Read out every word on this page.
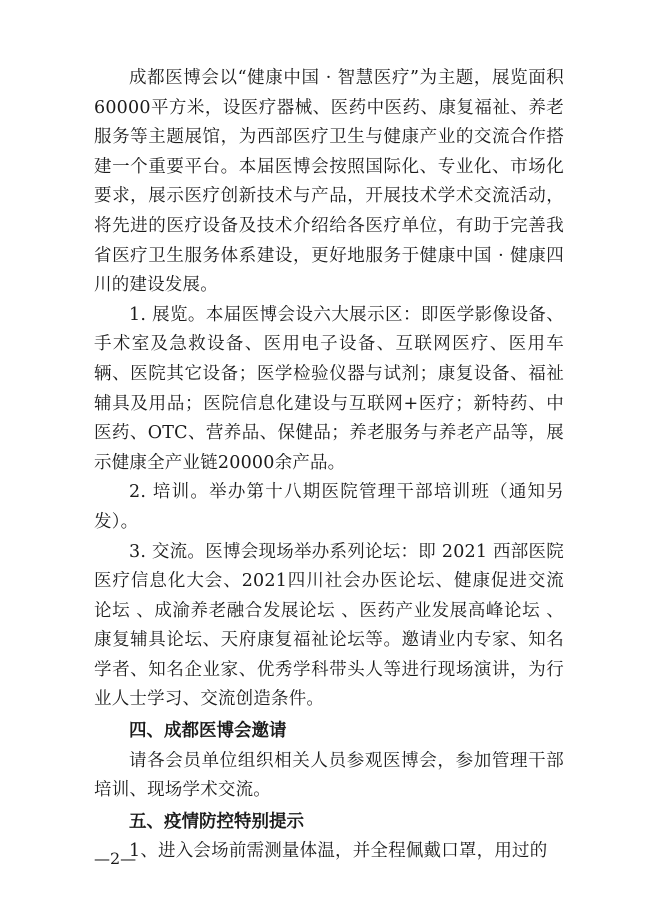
成都医博会以“健康中国 · 智慧医疗”为主题，展览面积60000平方米，设医疗器械、医药中医药、康复福祉、养老服务等主题展馆，为西部医疗卫生与健康产业的交流合作搭建一个重要平台。本届医博会按照国际化、专业化、市场化要求，展示医疗创新技术与产品，开展技术学术交流活动，将先进的医疗设备及技术介绍给各医疗单位，有助于完善我省医疗卫生服务体系建设，更好地服务于健康中国 · 健康四川的建设发展。

1. 展览。本届医博会设六大展示区：即医学影像设备、手术室及急救设备、医用电子设备、互联网医疗、医用车辆、医院其它设备；医学检验仪器与试剂；康复设备、福祉辅具及用品；医院信息化建设与互联网+医疗；新特药、中医药、OTC、营养品、保健品；养老服务与养老产品等，展示健康全产业链20000余产品。

2. 培训。举办第十八期医院管理干部培训班（通知另发）。

3. 交流。医博会现场举办系列论坛：即 2021 西部医院医疗信息化大会、2021四川社会办医论坛、健康促进交流论坛 、成渝养老融合发展论坛 、医药产业发展高峰论坛 、康复辅具论坛、天府康复福祉论坛等。邀请业内专家、知名学者、知名企业家、优秀学科带头人等进行现场演讲，为行业人士学习、交流创造条件。

四、成都医博会邀请

请各会员单位组织相关人员参观医博会，参加管理干部培训、现场学术交流。

五、疫情防控特别提示

1、进入会场前需测量体温，并全程佩戴口罩，用过的

—2—
